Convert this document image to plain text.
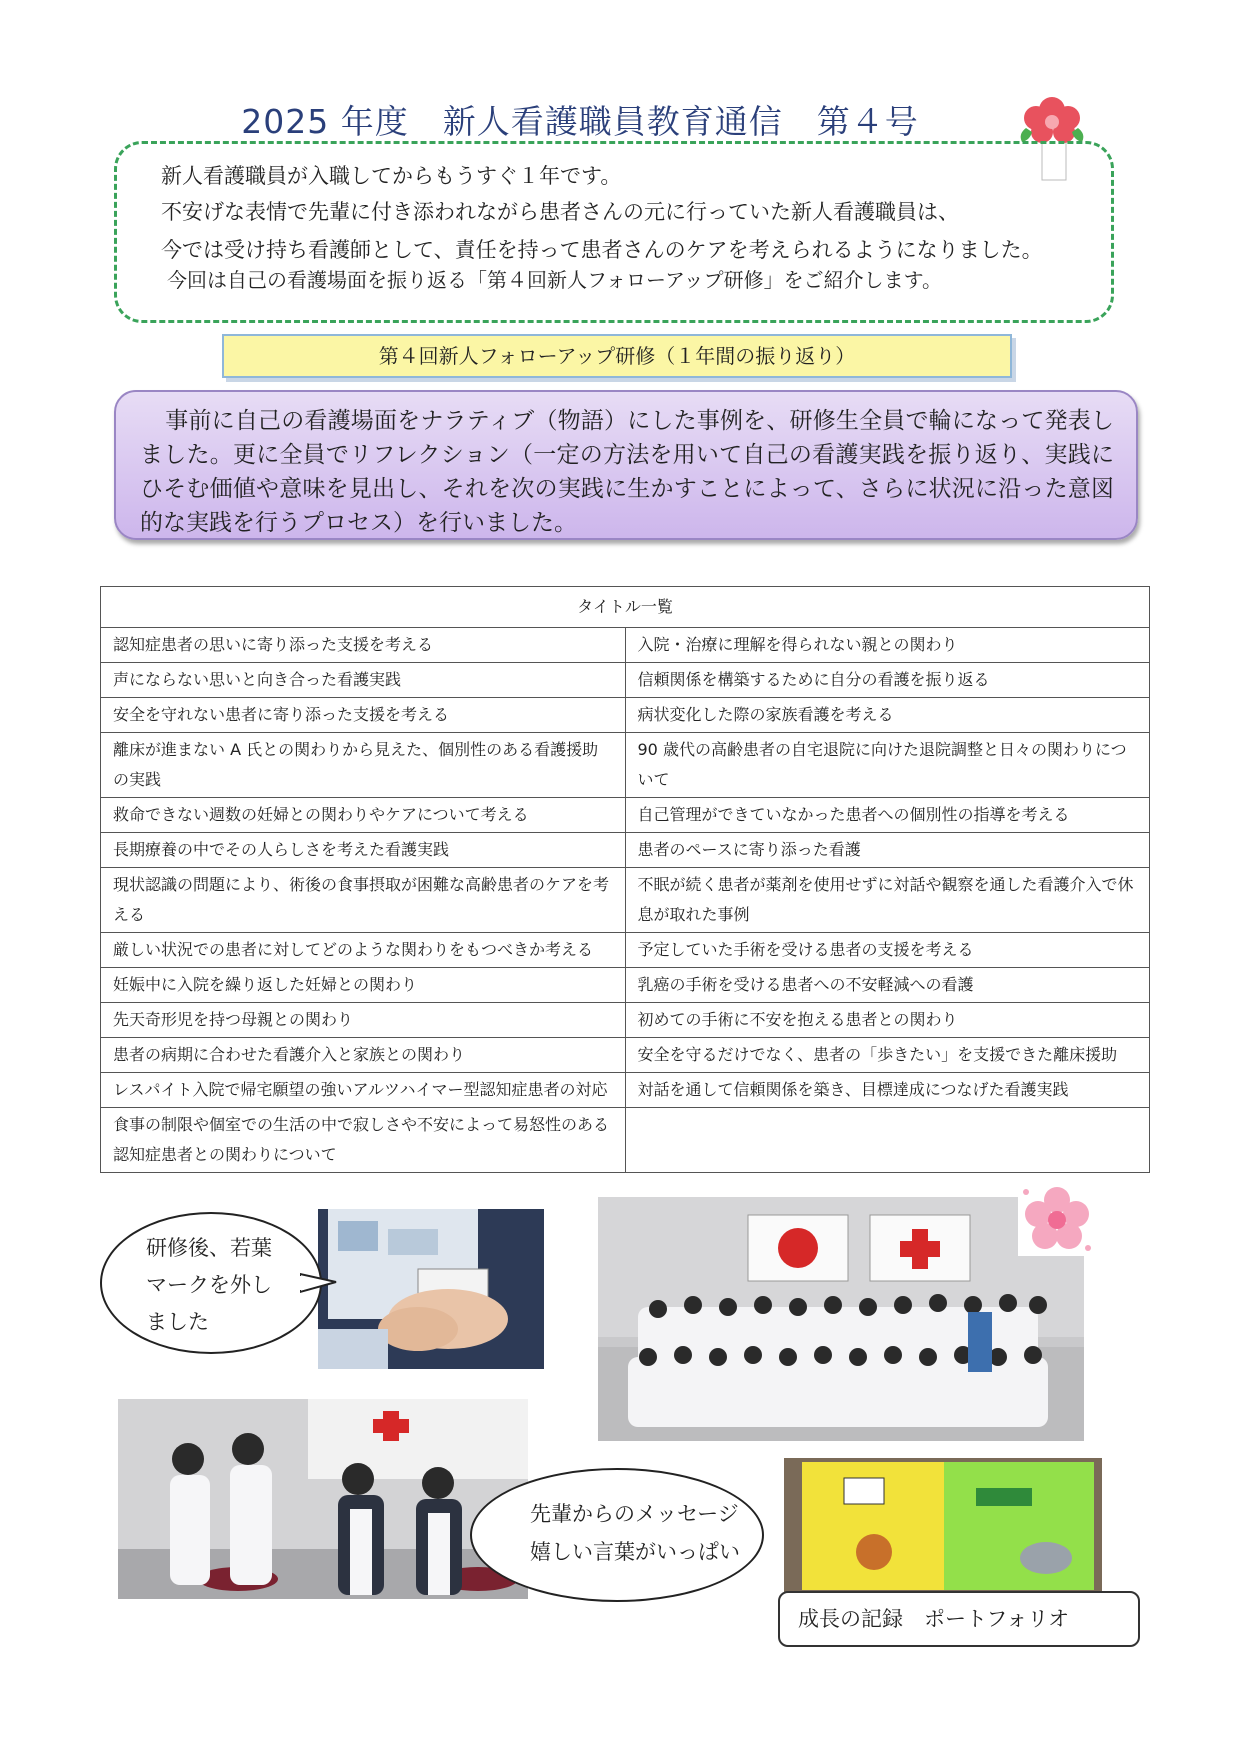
2025 年度　新人看護職員教育通信　第４号
新人看護職員が入職してからもうすぐ１年です。
不安げな表情で先輩に付き添われながら患者さんの元に行っていた新人看護職員は、
今では受け持ち看護師として、責任を持って患者さんのケアを考えられるようになりました。
今回は自己の看護場面を振り返る「第４回新人フォローアップ研修」をご紹介します。
第４回新人フォローアップ研修（１年間の振り返り）
事前に自己の看護場面をナラティブ（物語）にした事例を、研修生全員で輪になって発表しました。更に全員でリフレクション（一定の方法を用いて自己の看護実践を振り返り、実践にひそむ価値や意味を見出し、それを次の実践に生かすことによって、さらに状況に沿った意図的な実践を行うプロセス）を行いました。
タイトル一覧	
認知症患者の思いに寄り添った支援を考える	入院・治療に理解を得られない親との関わり
声にならない思いと向き合った看護実践	信頼関係を構築するために自分の看護を振り返る
安全を守れない患者に寄り添った支援を考える	病状変化した際の家族看護を考える
離床が進まない A 氏との関わりから見えた、個別性のある看護援助の実践	90 歳代の高齢患者の自宅退院に向けた退院調整と日々の関わりについて
救命できない週数の妊婦との関わりやケアについて考える	自己管理ができていなかった患者への個別性の指導を考える
長期療養の中でその人らしさを考えた看護実践	患者のペースに寄り添った看護
現状認識の問題により、術後の食事摂取が困難な高齢患者のケアを考える	不眠が続く患者が薬剤を使用せずに対話や観察を通した看護介入で休息が取れた事例
厳しい状況での患者に対してどのような関わりをもつべきか考える	予定していた手術を受ける患者の支援を考える
妊娠中に入院を繰り返した妊婦との関わり	乳癌の手術を受ける患者への不安軽減への看護
先天奇形児を持つ母親との関わり	初めての手術に不安を抱える患者との関わり
患者の病期に合わせた看護介入と家族との関わり	安全を守るだけでなく、患者の「歩きたい」を支援できた離床援助
レスパイト入院で帰宅願望の強いアルツハイマー型認知症患者の対応	対話を通して信頼関係を築き、目標達成につなげた看護実践
食事の制限や個室での生活の中で寂しさや不安によって易怒性のある認知症患者との関わりについて	
研修後、若葉
マークを外し
ました
先輩からのメッセージ
嬉しい言葉がいっぱい
成長の記録　ポートフォリオ
